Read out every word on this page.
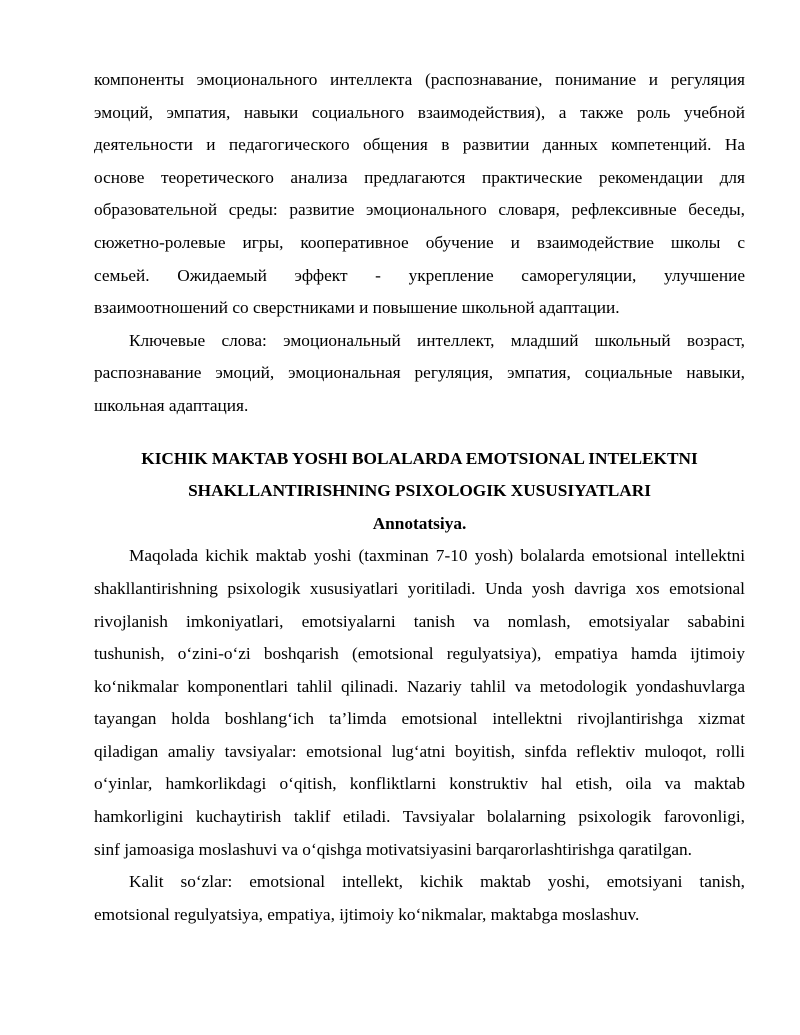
компоненты эмоционального интеллекта (распознавание, понимание и регуляция
эмоций, эмпатия, навыки социального взаимодействия), а также роль учебной
деятельности и педагогического общения в развитии данных компетенций. На
основе теоретического анализа предлагаются практические рекомендации для
образовательной среды: развитие эмоционального словаря, рефлексивные беседы,
сюжетно-ролевые игры, кооперативное обучение и взаимодействие школы с
семьей. Ожидаемый эффект - укрепление саморегуляции, улучшение
взаимоотношений со сверстниками и повышение школьной адаптации.
Ключевые слова: эмоциональный интеллект, младший школьный возраст,
распознавание эмоций, эмоциональная регуляция, эмпатия, социальные навыки,
школьная адаптация.
KICHIK MAKTAB YOSHI BOLALARDA EMOTSIONAL INTELEKTNI
SHAKLLANTIRISHNING PSIXOLOGIK XUSUSIYATLARI
Annotatsiya.
Maqolada kichik maktab yoshi (taxminan 7-10 yosh) bolalarda emotsional intellektni
shakllantirishning psixologik xususiyatlari yoritiladi. Unda yosh davriga xos emotsional
rivojlanish imkoniyatlari, emotsiyalarni tanish va nomlash, emotsiyalar sababini
tushunish, o‘zini-o‘zi boshqarish (emotsional regulyatsiya), empatiya hamda ijtimoiy
ko‘nikmalar komponentlari tahlil qilinadi. Nazariy tahlil va metodologik yondashuvlarga
tayangan holda boshlang‘ich ta’limda emotsional intellektni rivojlantirishga xizmat
qiladigan amaliy tavsiyalar: emotsional lug‘atni boyitish, sinfda reflektiv muloqot, rolli
o‘yinlar, hamkorlikdagi o‘qitish, konfliktlarni konstruktiv hal etish, oila va maktab
hamkorligini kuchaytirish taklif etiladi. Tavsiyalar bolalarning psixologik farovonligi,
sinf jamoasiga moslashuvi va o‘qishga motivatsiyasini barqarorlashtirishga qaratilgan.
Kalit so‘zlar: emotsional intellekt, kichik maktab yoshi, emotsiyani tanish,
emotsional regulyatsiya, empatiya, ijtimoiy ko‘nikmalar, maktabga moslashuv.
